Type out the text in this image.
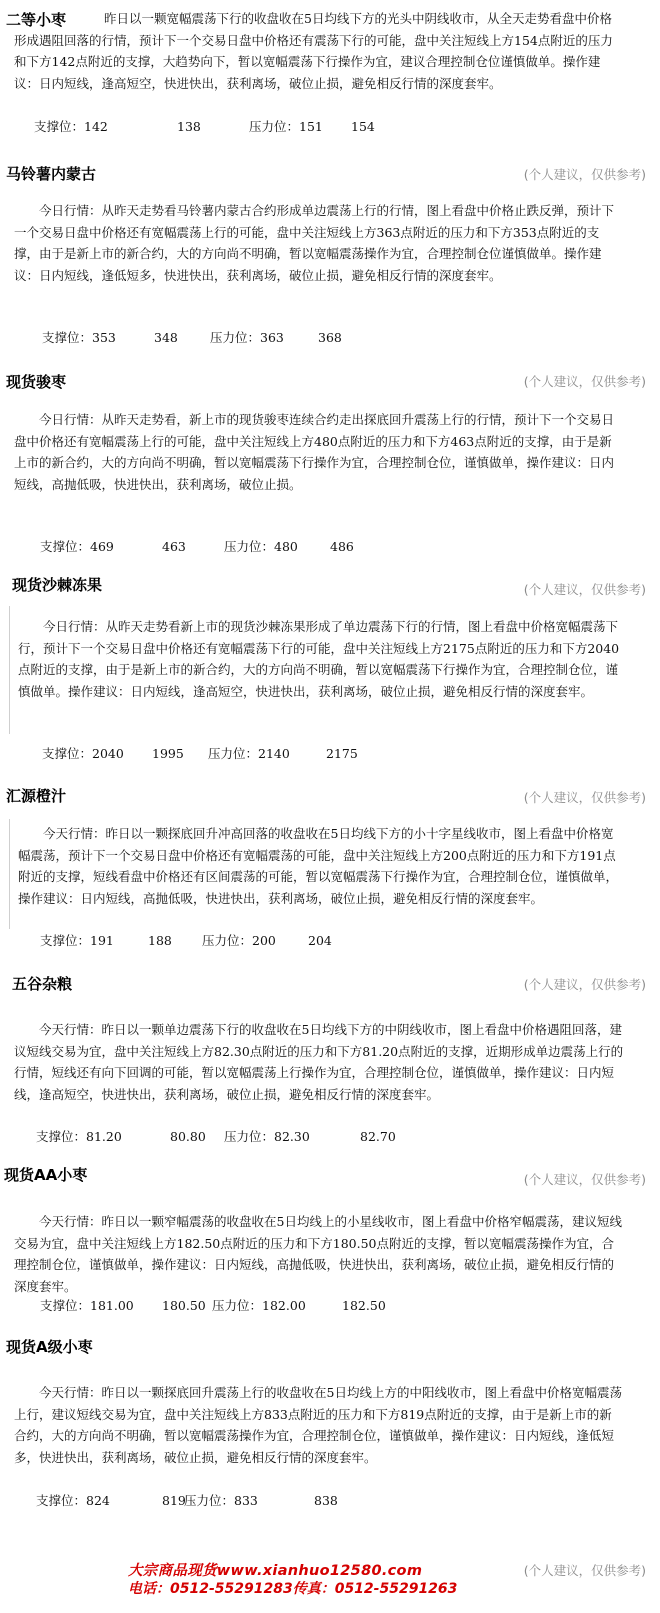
二等小枣	昨日以一颗宽幅震荡下行的收盘收在5日均线下方的光头中阴线收市，从全天走势看盘中价格形成遇阻回落的行情，预计下一个交易日盘中价格还有震荡下行的可能，盘中关注短线上方154点附近的压力和下方142点附近的支撑，大趋势向下，暂以宽幅震荡下行操作为宜，建议合理控制仓位谨慎做单。操作建议：日内短线，逢高短空，快进快出，获利离场，破位止损，避免相反行情的深度套牢。
支撑位：142	138	压力位：151 154
马铃薯内蒙古	(个人建议，仅供参考)
今日行情：从昨天走势看马铃薯内蒙古合约形成单边震荡上行的行情，图上看盘中价格止跌反弹，预计下一个交易日盘中价格还有宽幅震荡上行的可能，盘中关注短线上方363点附近的压力和下方353点附近的支撑，由于是新上市的新合约，大的方向尚不明确，暂以宽幅震荡操作为宜，合理控制仓位谨慎做单。操作建议：日内短线，逢低短多，快进快出，获利离场，破位止损，避免相反行情的深度套牢。
支撑位：353	348	压力位：363	368
现货骏枣	(个人建议，仅供参考)
今日行情：从昨天走势看，新上市的现货骏枣连续合约走出探底回升震荡上行的行情，预计下一个交易日盘中价格还有宽幅震荡上行的可能，盘中关注短线上方480点附近的压力和下方463点附近的支撑，由于是新上市的新合约，大的方向尚不明确，暂以宽幅震荡下行操作为宜，合理控制仓位，谨慎做单，操作建议：日内短线，高抛低吸，快进快出，获利离场，破位止损。
支撑位：469	463	压力位：480	486
现货沙棘冻果	(个人建议，仅供参考)
今日行情：从昨天走势看新上市的现货沙棘冻果形成了单边震荡下行的行情，图上看盘中价格宽幅震荡下行，预计下一个交易日盘中价格还有宽幅震荡下行的可能，盘中关注短线上方2175点附近的压力和下方2040点附近的支撑，由于是新上市的新合约，大的方向尚不明确，暂以宽幅震荡下行操作为宜，合理控制仓位，谨慎做单。操作建议：日内短线，逢高短空，快进快出，获利离场，破位止损，避免相反行情的深度套牢。
支撑位：2040 1995 压力位：2140	2175
汇源橙汁	(个人建议，仅供参考)
今天行情：昨日以一颗探底回升冲高回落的收盘收在5日均线下方的小十字星线收市，图上看盘中价格宽幅震荡，预计下一个交易日盘中价格还有宽幅震荡的可能，盘中关注短线上方200点附近的压力和下方191点附近的支撑，短线看盘中价格还有区间震荡的可能，暂以宽幅震荡下行操作为宜，合理控制仓位，谨慎做单，操作建议：日内短线，高抛低吸，快进快出，获利离场，破位止损，避免相反行情的深度套牢。
支撑位：191	188 压力位：200	204
五谷杂粮	(个人建议，仅供参考)
今天行情：昨日以一颗单边震荡下行的收盘收在5日均线下方的中阴线收市，图上看盘中价格遇阻回落，建议短线交易为宜，盘中关注短线上方82.30点附近的压力和下方81.20点附近的支撑，近期形成单边震荡上行的行情，短线还有向下回调的可能，暂以宽幅震荡上行操作为宜，合理控制仓位，谨慎做单，操作建议：日内短线，逢高短空，快进快出，获利离场，破位止损，避免相反行情的深度套牢。
支撑位：81.20	80.80 压力位：82.30	82.70
现货AA小枣	(个人建议，仅供参考)
今天行情：昨日以一颗窄幅震荡的收盘收在5日均线上的小星线收市，图上看盘中价格窄幅震荡，建议短线交易为宜，盘中关注短线上方182.50点附近的压力和下方180.50点附近的支撑，暂以宽幅震荡操作为宜，合理控制仓位，谨慎做单，操作建议：日内短线，高抛低吸，快进快出，获利离场，破位止损，避免相反行情的深度套牢。
支撑位：181.00 180.50 压力位：182.00	182.50
现货A级小枣
今天行情：昨日以一颗探底回升震荡上行的收盘收在5日均线上方的中阳线收市，图上看盘中价格宽幅震荡上行，建议短线交易为宜，盘中关注短线上方833点附近的压力和下方819点附近的支撑，由于是新上市的新合约，大的方向尚不明确，暂以宽幅震荡操作为宜，合理控制仓位，谨慎做单，操作建议：日内短线，逢低短多，快进快出，获利离场，破位止损，避免相反行情的深度套牢。
支撑位：824	819压力位：833	838
大宗商品现货www.xianhuo12580.com
电话：0512-55291283传真：0512-55291263
(个人建议，仅供参考)
